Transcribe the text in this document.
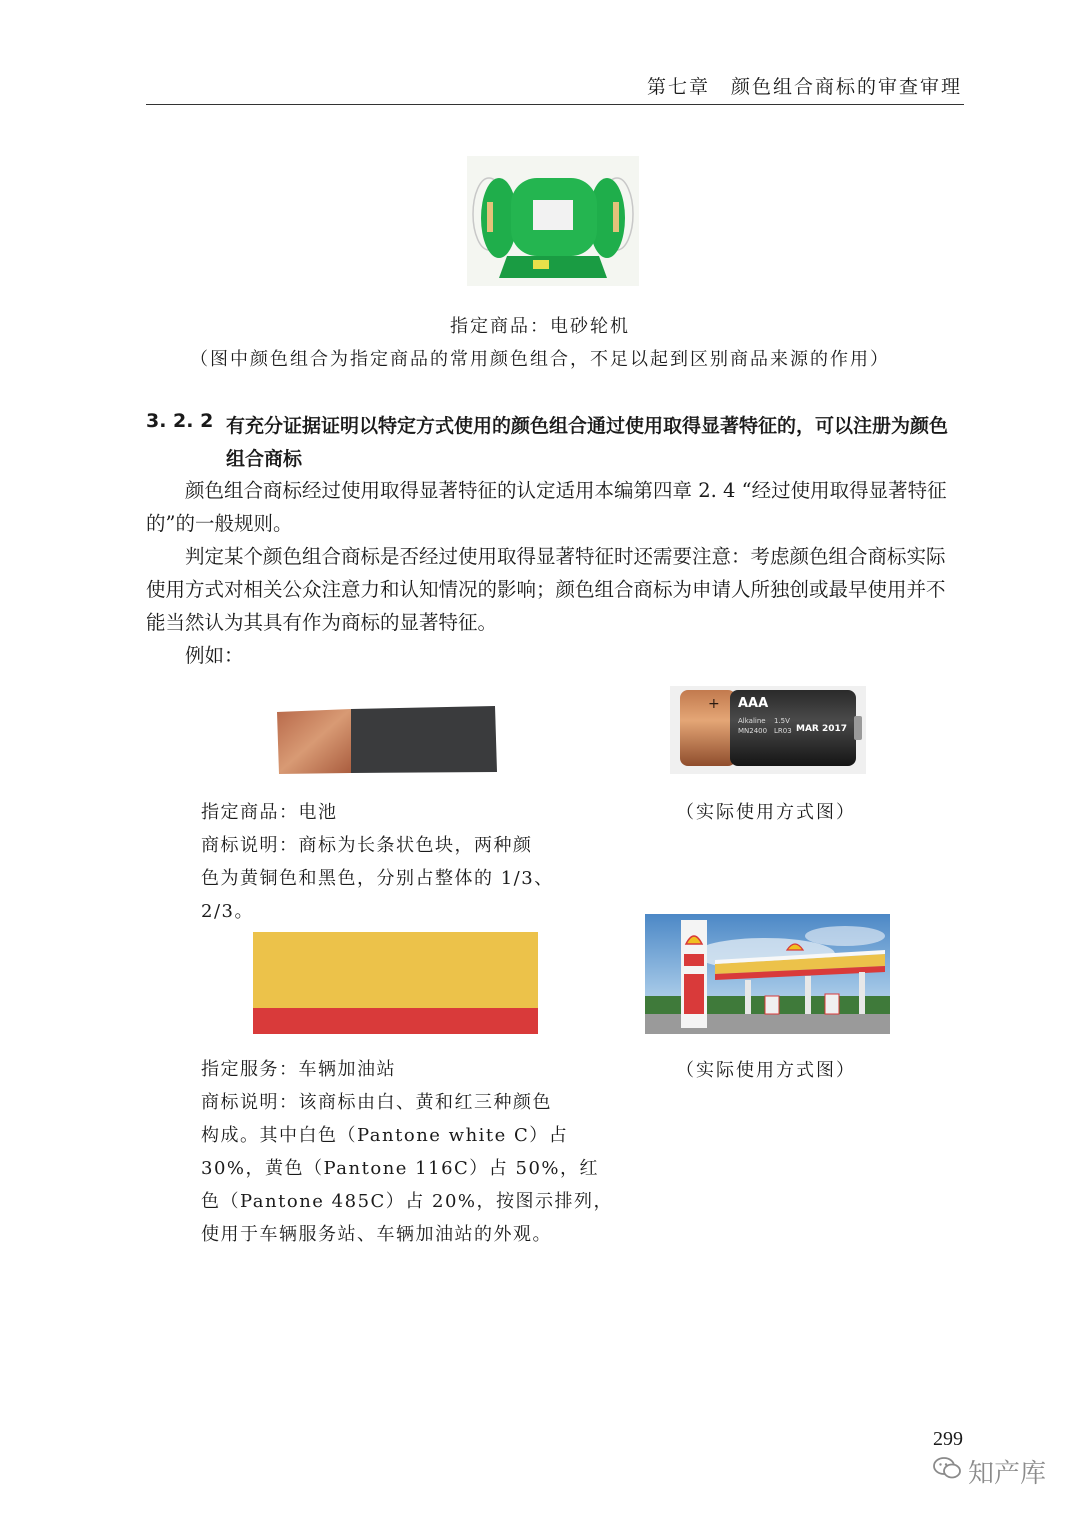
第七章　颜色组合商标的审查审理
指定商品：电砂轮机
（图中颜色组合为指定商品的常用颜色组合，不足以起到区别商品来源的作用）
3. 2. 2 有充分证据证明以特定方式使用的颜色组合通过使用取得显著特征的，可以注册为颜色组合商标
颜色组合商标经过使用取得显著特征的认定适用本编第四章 2. 4 “经过使用取得显著特征的”的一般规则。
判定某个颜色组合商标是否经过使用取得显著特征时还需要注意：考虑颜色组合商标实际使用方式对相关公众注意力和认知情况的影响；颜色组合商标为申请人所独创或最早使用并不能当然认为其具有作为商标的显著特征。
例如：
+ AAA
Alkaline
MN2400
1.5V
LR03 MAR 2017
指定商品：电池
商标说明：商标为长条状色块，两种颜
色为黄铜色和黑色，分别占整体的 1/3、
2/3。
（实际使用方式图）
指定服务：车辆加油站
商标说明：该商标由白、黄和红三种颜色
构成。其中白色（Pantone white C）占
30%，黄色（Pantone 116C）占 50%，红
色（Pantone 485C）占 20%，按图示排列，
使用于车辆服务站、车辆加油站的外观。
（实际使用方式图）
299
知产库
